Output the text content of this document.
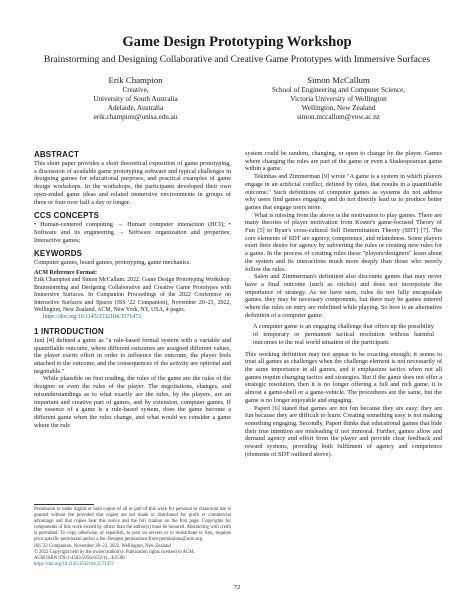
Game Design Prototyping Workshop
Brainstorming and Designing Collaborative and Creative Game Prototypes with Immersive Surfaces
Erik Champion
Creative,
University of South Australia
Adelaide, Australia
erik.champion@unisa.edu.au
Simon McCallum
School of Engineering and Computer Science,
Victoria University of Wellington
Wellington, New Zealand
simon.mccallum@vuw.ac.nz
ABSTRACT

This short paper provides a short theoretical exposition of game prototyping, a discussion of available game prototyping software and typical challenges in designing games for educational purposes, and practical examples of game design workshops. In the workshops, the participants developed their own open-ended game ideas and related immersive environments in groups of three or four over half a day or longer.

CCS CONCEPTS

• Human-centered computing → Human computer interaction (HCI); • Software and its engineering → Software organization and properties; Interactive games;

KEYWORDS

Computer games, board games, prototyping, game mechanics.

ACM Reference Format:

Erik Champion and Simon McCallum. 2022. Game Design Prototyping Workshop: Brainstorming and Designing Collaborative and Creative Game Prototypes with Immersive Surfaces. In Companion Proceedings of the 2022 Conference on Interactive Surfaces and Spaces (ISS '22 Companion), November 20–23, 2022, Wellington, New Zealand. ACM, New York, NY, USA, 4 pages.

https://doi.org/10.1145/3532104.3571472

1 INTRODUCTION

Juul [4] defined a game as "a rule-based formal system with a variable and quantifiable outcome, where different outcomes are assigned different values, the player exerts effort in order to influence the outcome, the player feels attached to the outcome, and the consequences of the activity are optional and negotiable."

While plausible on first reading, the rules of the game are the rules of the designer or even the rules of the player. The negotiations, changes, and misunderstandings as to what exactly are the rules, by the players, are an important and creative part of games, and by extension, computer games. If the essence of a game is a rule-based system, does the game become a different game when the rules change, and what would we consider a game where the rule

Permission to make digital or hard copies of all or part of this work for personal or classroom use is granted without fee provided that copies are not made or distributed for profit or commercial advantage and that copies bear this notice and the full citation on the first page. Copyrights for components of this work owned by others than the author(s) must be honored. Abstracting with credit is permitted. To copy otherwise, or republish, to post on servers or to redistribute to lists, requires prior specific permission and/or a fee. Request permissions from permissions@acm.org.

ISS '22 Companion, November 20–23, 2022, Wellington, New Zealand

© 2022 Copyright held by the owner/author(s). Publication rights licensed to ACM.

ACM ISBN 978-1-4503-9356-0/22/11...$15.00

https://doi.org/10.1145/3532104.3571472

system could be random, changing, or open to change by the player. Games where changing the rules are part of the game or even a Shakespearean game within a game.

Tekinbas and Zimmerman [9] wrote "A game is a system in which players engage in an artificial conflict, defined by rules, that results in a quantifiable outcome." Such definitions of computer games as systems do not address why users find games engaging and do not directly lead us to produce better games that engage users more.

What is missing from the above is the motivation to play games. There are many theories of player motivation from Koster's game-focused Theory of Fun [5] to Ryan's cross-cultural Self Determination Theory (SDT) [7]. The core elements of SDT are agency, competence, and relatedness. Some players exert their desire for agency by subverting the rules or creating new rules for a game. In the process of creating rules these "players/designers" learn about the system and its interactions much more deeply than those who merely follow the rules.

Salen and Zimmerman's definition also discounts games that may never have a final outcome (such as cricket) and does not incorporate the importance of strategy. As we have seen, rules do not fully encapsulate games, they may be necessary components, but there may be games entered where the rules on entry are redefined while playing. So here is an alternative definition of a computer game:

A computer game is an engaging challenge that offers up the possibility of temporary or permanent tactical resolution without harmful outcomes to the real world situation of the participant.

This working definition may not appear to be exacting enough; it seems to treat all games as challenges when the challenge element is not necessarily of the same importance in all games, and it emphasizes tactics when not all games require changing tactics and strategies. But if the game does not offer a strategic resolution, then it is no longer offering a full and rich game, it is almost a game-shell or a game-vehicle. The procedures are the same, but the game is no longer enjoyable and engaging.

Papert [6] stated that games are not fun because they are easy; they are fun because they are difficult to learn. Creating something easy is not making something engaging. Secondly, Papert thinks that educational games that hide their true intention are misleading if not immoral. Further, games allow and demand agency and effort from the player and provide clear feedback and reward systems, providing both fulfilment of agency and competence (elements of SDT outlined above).

72
